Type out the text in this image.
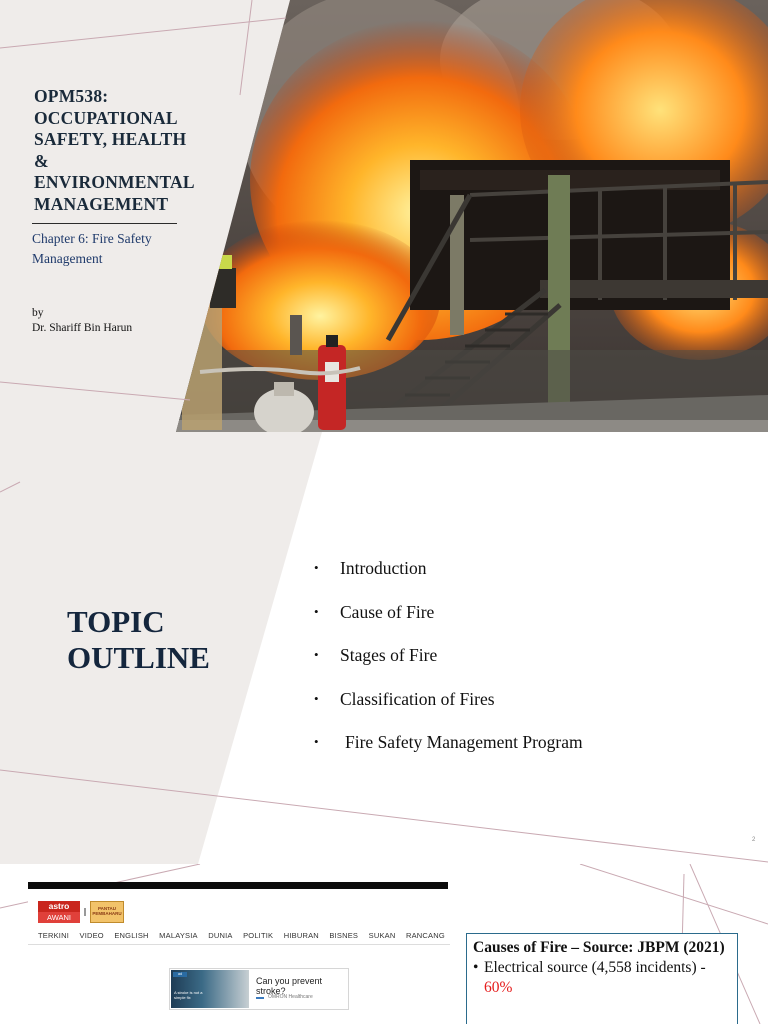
OPM538:
OCCUPATIONAL
SAFETY, HEALTH
&
ENVIRONMENTAL
MANAGEMENT
Chapter 6: Fire Safety
Management
by
Dr. Shariff Bin Harun
TOPIC
OUTLINE
• Introduction
• Cause of Fire
• Stages of Fire
• Classification of Fires
• Fire Safety Management Program
2
astro
AWANI
PANTAU PEMBAHARU
TERKINI VIDEO ENGLISH MALAYSIA DUNIA POLITIK HIBURAN BISNES SUKAN RANCANG
ad
A stroke is not a simple fix
Can you prevent stroke?
OMRON Healthcare
Causes of Fire – Source: JBPM (2021)
• Electrical source (4,558 incidents) -
60%
